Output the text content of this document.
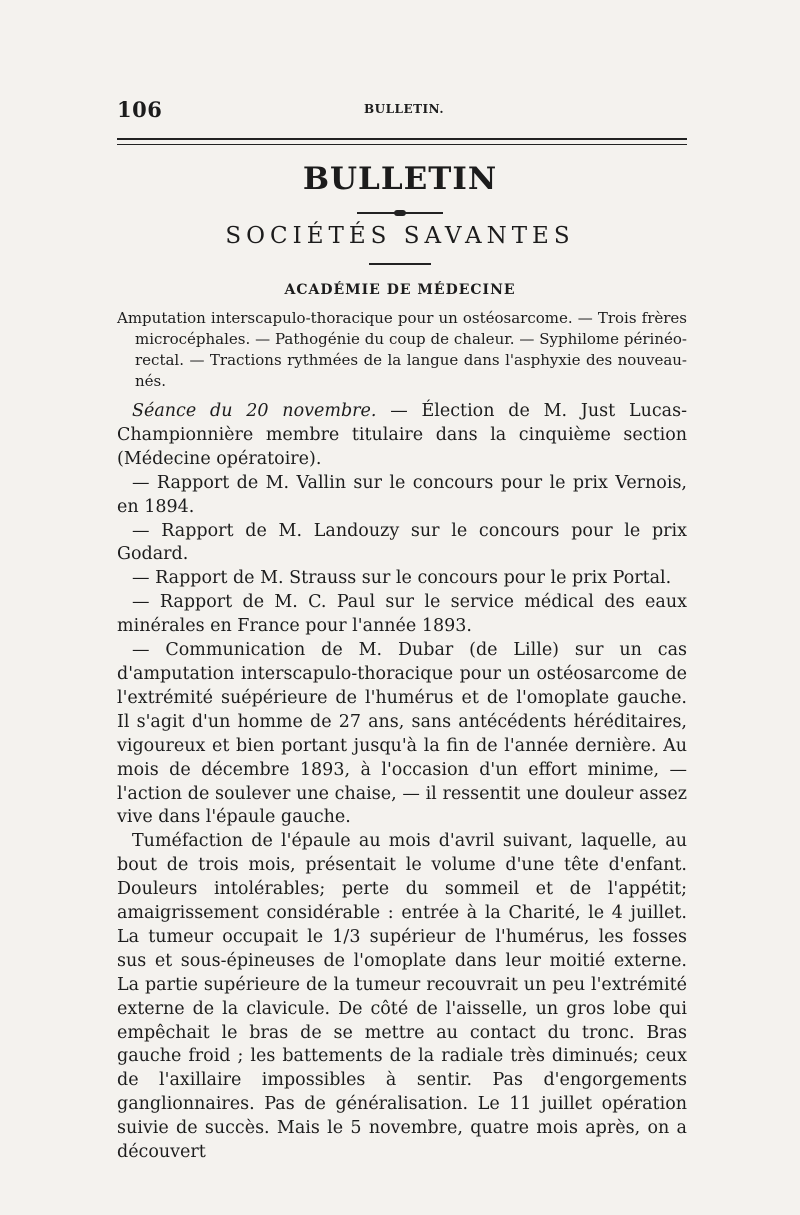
106	BULLETIN.
BULLETIN
SOCIÉTÉS SAVANTES
ACADÉMIE DE MÉDECINE
Amputation interscapulo-thoracique pour un ostéosarcome. — Trois frères microcéphales. — Pathogénie du coup de chaleur. — Syphilome périnéo-rectal. — Tractions rythmées de la langue dans l'asphyxie des nouveau-nés.

Séance du 20 novembre. — Élection de M. Just Lucas-Championnière membre titulaire dans la cinquième section (Médecine opératoire).

— Rapport de M. Vallin sur le concours pour le prix Vernois, en 1894.

— Rapport de M. Landouzy sur le concours pour le prix Godard.

— Rapport de M. Strauss sur le concours pour le prix Portal.

— Rapport de M. C. Paul sur le service médical des eaux minérales en France pour l'année 1893.

— Communication de M. Dubar (de Lille) sur un cas d'amputation interscapulo-thoracique pour un ostéosarcome de l'extrémité suépérieure de l'humérus et de l'omoplate gauche. Il s'agit d'un homme de 27 ans, sans antécédents héréditaires, vigoureux et bien portant jusqu'à la fin de l'année dernière. Au mois de décembre 1893, à l'occasion d'un effort minime, — l'action de soulever une chaise, — il ressentit une douleur assez vive dans l'épaule gauche.

Tuméfaction de l'épaule au mois d'avril suivant, laquelle, au bout de trois mois, présentait le volume d'une tête d'enfant. Douleurs intolérables; perte du sommeil et de l'appétit; amaigrissement considérable : entrée à la Charité, le 4 juillet. La tumeur occupait le 1/3 supérieur de l'humérus, les fosses sus et sous-épineuses de l'omoplate dans leur moitié externe. La partie supérieure de la tumeur recouvrait un peu l'extrémité externe de la clavicule. De côté de l'aisselle, un gros lobe qui empêchait le bras de se mettre au contact du tronc. Bras gauche froid ; les battements de la radiale très diminués; ceux de l'axillaire impossibles à sentir. Pas d'engorgements ganglionnaires. Pas de généralisation. Le 11 juillet opération suivie de succès. Mais le 5 novembre, quatre mois après, on a découvert
